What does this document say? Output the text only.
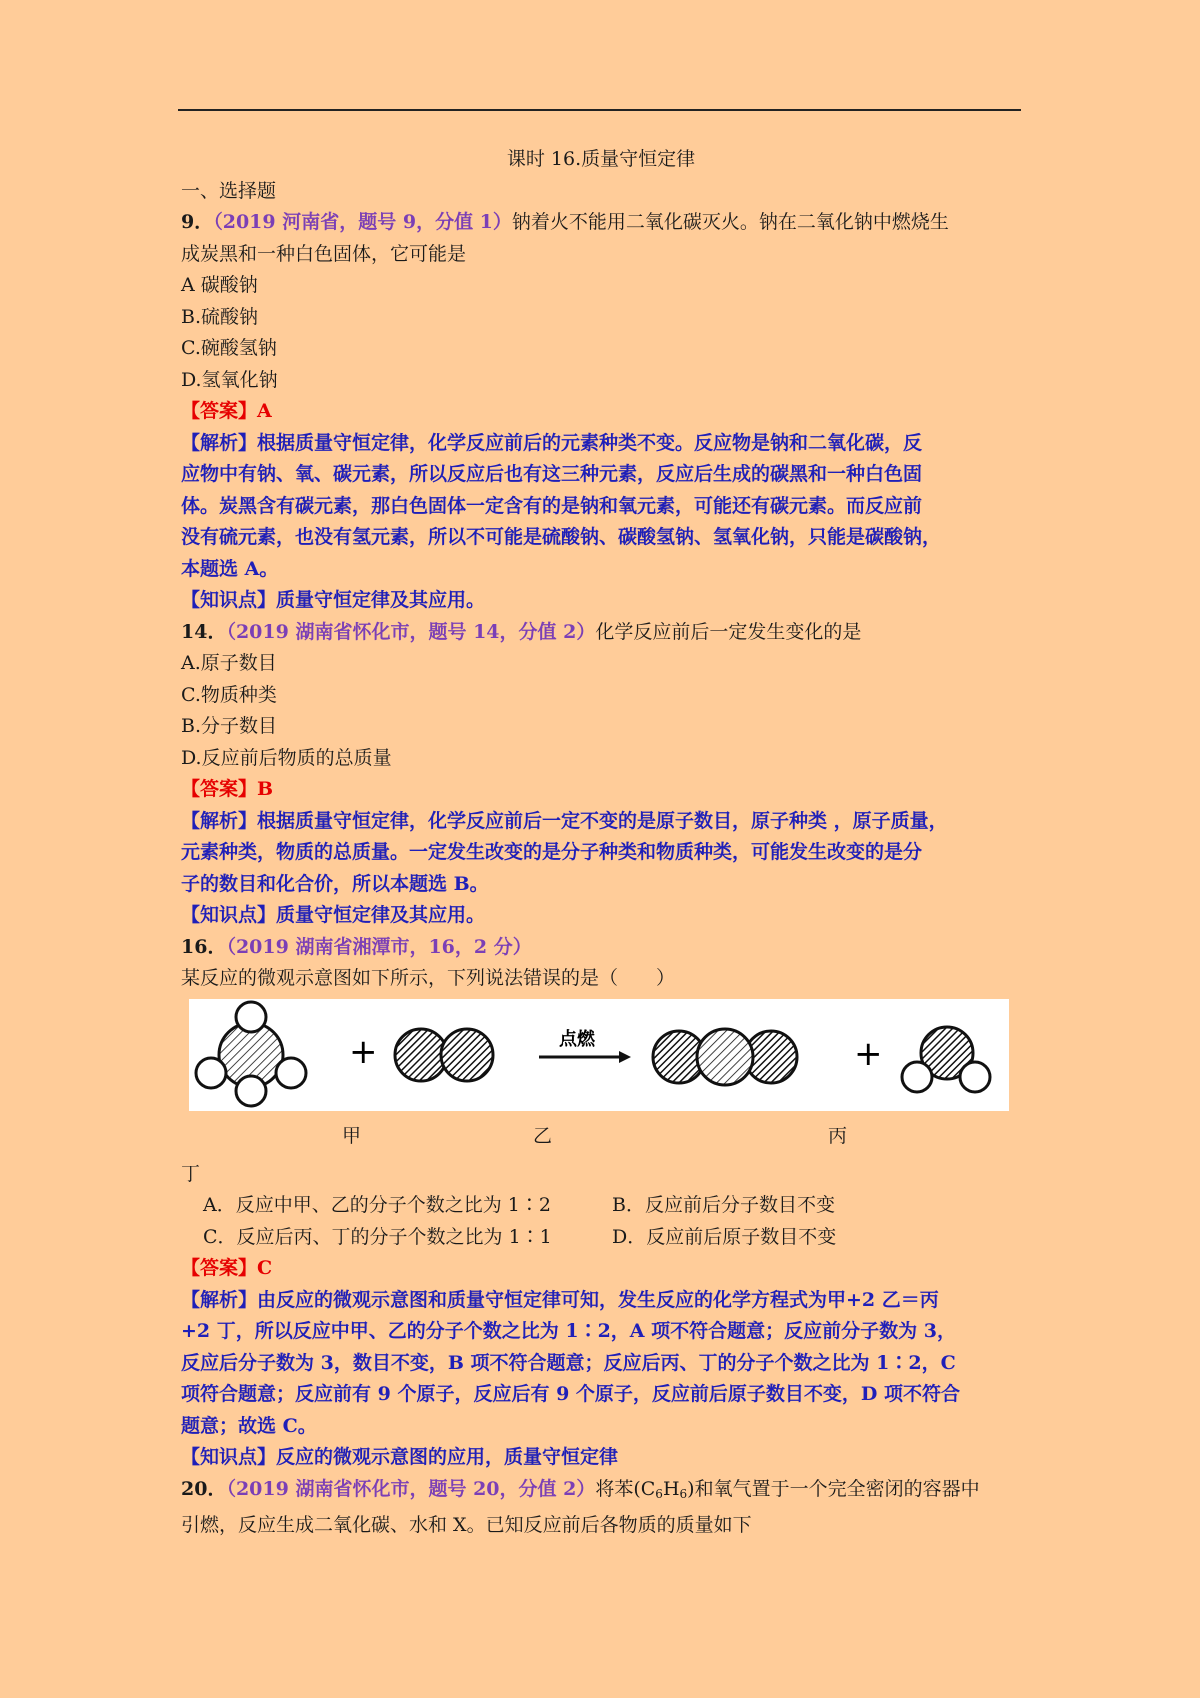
课时 16.质量守恒定律

一、选择题

9．（2019 河南省，题号 9，分值 1）钠着火不能用二氧化碳灭火。钠在二氧化钠中燃烧生

成炭黑和一种白色固体，它可能是

A 碳酸钠

B.硫酸钠

C.碗酸氢钠

D.氢氧化钠

【答案】A

【解析】根据质量守恒定律，化学反应前后的元素种类不变。反应物是钠和二氧化碳，反

应物中有钠、氧、碳元素，所以反应后也有这三种元素，反应后生成的碳黑和一种白色固

体。炭黑含有碳元素，那白色固体一定含有的是钠和氧元素，可能还有碳元素。而反应前

没有硫元素，也没有氢元素，所以不可能是硫酸钠、碳酸氢钠、氢氧化钠，只能是碳酸钠，

本题选 A。

【知识点】质量守恒定律及其应用。

14．（2019 湖南省怀化市，题号 14，分值 2）化学反应前后一定发生变化的是

A.原子数目

C.物质种类

B.分子数目

D.反应前后物质的总质量

【答案】B

【解析】根据质量守恒定律，化学反应前后一定不变的是原子数目，原子种类 ，原子质量，

元素种类，物质的总质量。一定发生改变的是分子种类和物质种类，可能发生改变的是分

子的数目和化合价，所以本题选 B。

【知识点】质量守恒定律及其应用。

16．（2019 湖南省湘潭市，16，2 分）某反应的微观示意图如下所示，下列说法错误的是（　　）

+	点燃	+
甲	乙	丙

丁

A．反应中甲、乙的分子个数之比为 1∶2	B．反应前后分子数目不变
C．反应后丙、丁的分子个数之比为 1∶1	D．反应前后原子数目不变

【答案】C

【解析】由反应的微观示意图和质量守恒定律可知，发生反应的化学方程式为甲+2 乙＝丙

+2 丁，所以反应中甲、乙的分子个数之比为 1∶2，A 项不符合题意；反应前分子数为 3，

反应后分子数为 3，数目不变，B 项不符合题意；反应后丙、丁的分子个数之比为 1∶2，C

项符合题意；反应前有 9 个原子，反应后有 9 个原子，反应前后原子数目不变，D 项不符合

题意；故选 C。

【知识点】反应的微观示意图的应用，质量守恒定律

20．（2019 湖南省怀化市，题号 20，分值 2）将苯$(C_6H_6)$和氧气置于一个完全密闭的容器中

引燃，反应生成二氧化碳、水和 X。已知反应前后各物质的质量如下
